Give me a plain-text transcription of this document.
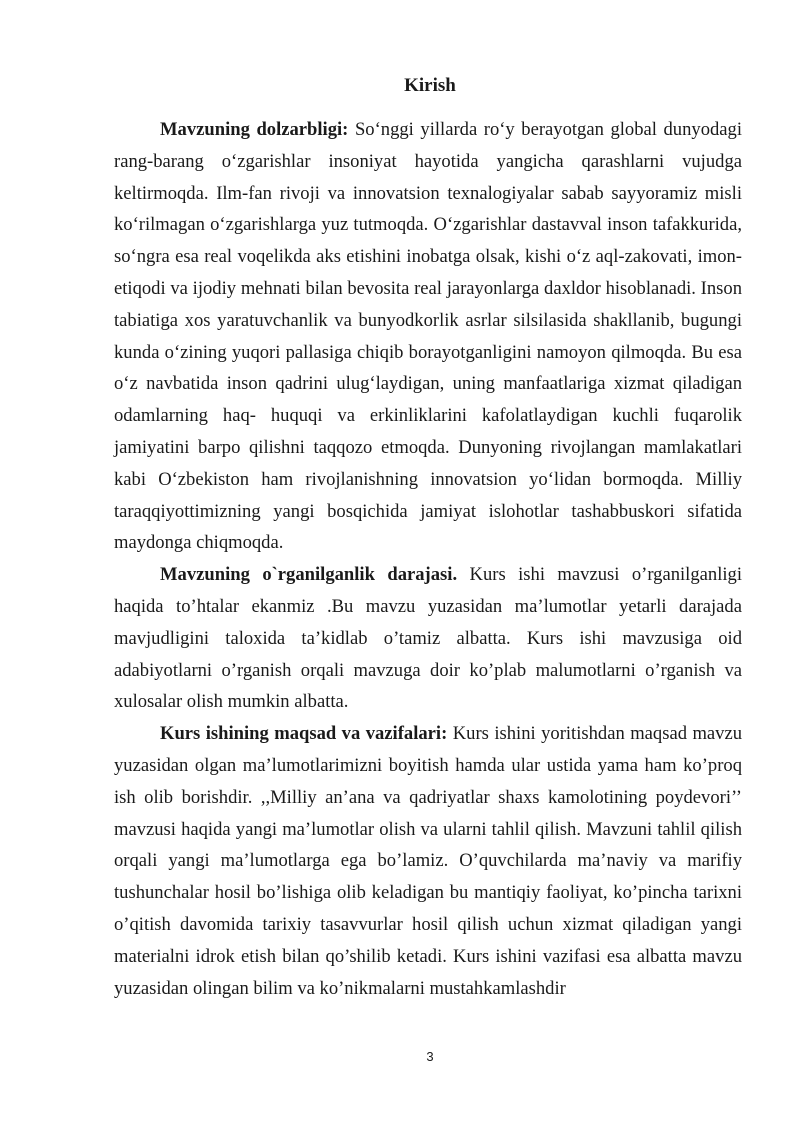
Kirish

Mavzuning dolzarbligi: So‘nggi yillarda ro‘y berayotgan global dunyodagi rang-barang o‘zgarishlar insoniyat hayotida yangicha qarashlarni vujudga keltirmoqda. Ilm-fan rivoji va innovatsion texnalogiyalar sabab sayyoramiz misli ko‘rilmagan o‘zgarishlarga yuz tutmoqda. O‘zgarishlar dastavval inson tafakkurida, so‘ngra esa real voqelikda aks etishini inobatga olsak, kishi o‘z aql-zakovati, imon-etiqodi va ijodiy mehnati bilan bevosita real jarayonlarga daxldor hisoblanadi. Inson tabiatiga xos yaratuvchanlik va bunyodkorlik asrlar silsilasida shakllanib, bugungi kunda o‘zining yuqori pallasiga chiqib borayotganligini namoyon qilmoqda. Bu esa o‘z navbatida inson qadrini ulug‘laydigan, uning manfaatlariga xizmat qiladigan odamlarning haq- huquqi va erkinliklarini kafolatlaydigan kuchli fuqarolik jamiyatini barpo qilishni taqqozo etmoqda. Dunyoning rivojlangan mamlakatlari kabi O‘zbekiston ham rivojlanishning innovatsion yo‘lidan bormoqda. Milliy taraqqiyottimizning yangi bosqichida jamiyat islohotlar tashabbuskori sifatida maydonga chiqmoqda.

Mavzuning o`rganilganlik darajasi. Kurs ishi mavzusi o’rganilganligi haqida to’htalar ekanmiz .Bu mavzu yuzasidan ma’lumotlar yetarli darajada mavjudligini taloxida ta’kidlab o’tamiz albatta. Kurs ishi mavzusiga oid adabiyotlarni o’rganish orqali mavzuga doir ko’plab malumotlarni o’rganish va xulosalar olish mumkin albatta.

Kurs ishining maqsad va vazifalari: Kurs ishini yoritishdan maqsad mavzu yuzasidan olgan ma’lumotlarimizni boyitish hamda ular ustida yama ham ko’proq ish olib borishdir. ,,Milliy an’ana va qadriyatlar shaxs kamolotining poydevori’’ mavzusi haqida yangi ma’lumotlar olish va ularni tahlil qilish. Mavzuni tahlil qilish orqali yangi ma’lumotlarga ega bo’lamiz. O’quvchilarda ma’naviy va marifiy tushunchalar hosil bo’lishiga olib keladigan bu mantiqiy faoliyat, ko’pincha tarixni o’qitish davomida tarixiy tasavvurlar hosil qilish uchun xizmat qiladigan yangi materialni idrok etish bilan qo’shilib ketadi. Kurs ishini vazifasi esa albatta mavzu yuzasidan olingan bilim va ko’nikmalarni mustahkamlashdir

3
